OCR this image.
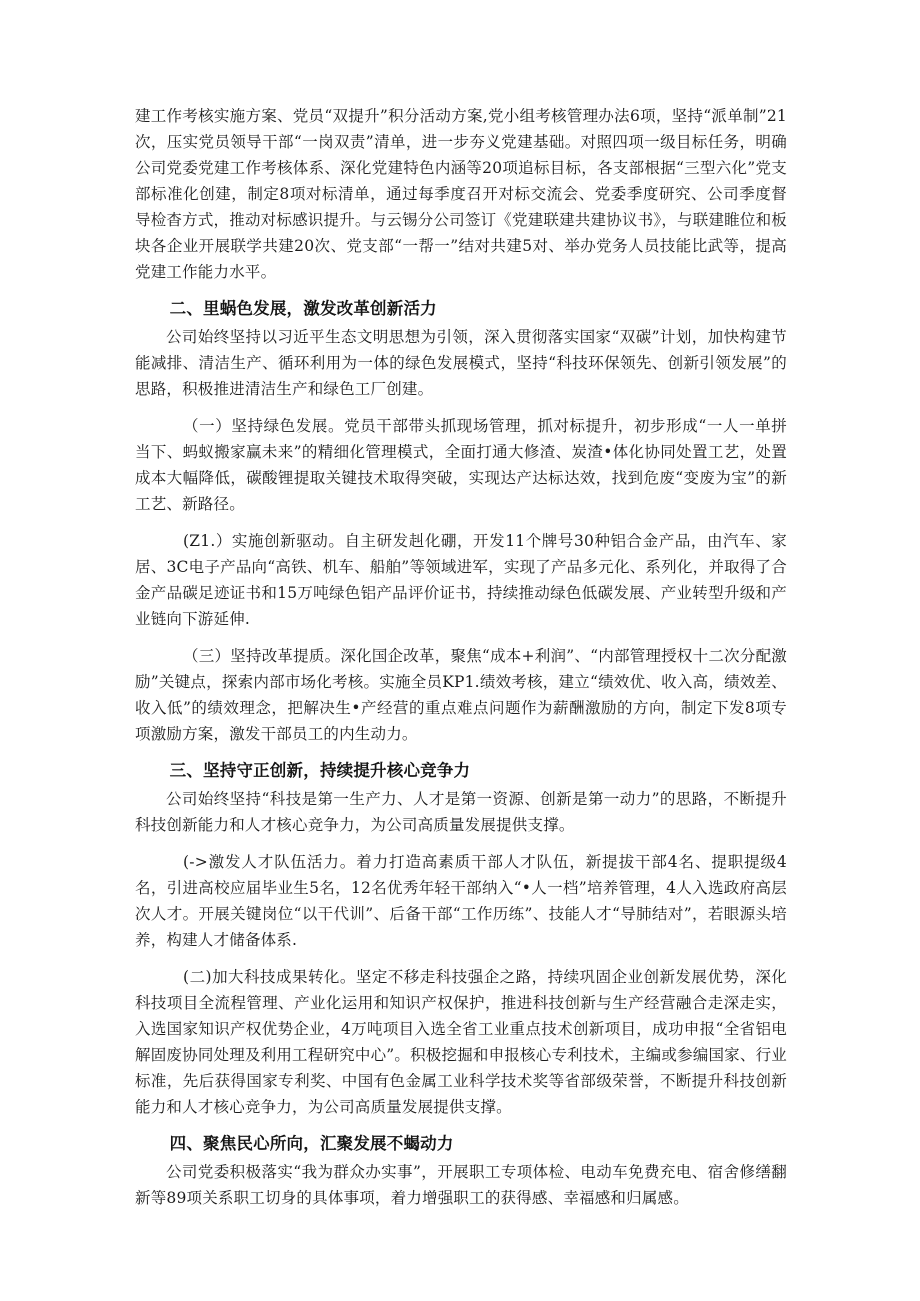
建工作考核实施方案、党员“双提升”积分活动方案,党小组考核管理办法6项，坚持“派单制”21次，压实党员领导干部“一岗双责”清单，进一步夯义党建基础。对照四项一级目标任务，明确公司党委党建工作考核体系、深化党建特色内涵等20项追标目标，各支部根据“三型六化”党支部标准化创建，制定8项对标清单，通过每季度召开对标交流会、党委季度研究、公司季度督导检杳方式，推动对标感识提升。与云锡分公司签订《党建联建共建协议书》，与联建睢位和板块各企业开展联学共建20次、党支部“一帮一”结对共建5对、举办党务人员技能比武等，提高党建工作能力水平。

二、里蜗色发展，激发改革创新活力

公司始终坚持以习近平生态文明思想为引领，深入贯彻落实国家“双碳”计划，加快构建节能减排、清洁生产、循环利用为一体的绿色发展模式，坚持“科技环保领先、创新引领发展”的思路，积极推进清洁生产和绿色工厂创建。

（一）坚持绿色发展。党员干部带头抓现场管理，抓对标提升，初步形成“一人一单拼当下、蚂蚁搬家赢未来”的精细化管理模式，全面打通大修渣、炭渣•体化协同处置工艺，处置成本大幅降低，碳酸锂提取关键技术取得突破，实现达产达标达效，找到危废“变废为宝”的新工艺、新路径。

(Z1.）实施创新驱动。自主研发赳化硼，开发11个牌号30种铝合金产品，由汽车、家居、3C电子产品向“高铁、机车、船舶”等领域进军，实现了产品多元化、系列化，并取得了合金产品碳足迹证书和15万吨绿色铝产品评价证书，持续推动绿色低碳发展、产业转型升级和产业链向下游延伸.

（三）坚持改革提质。深化国企改革，聚焦“成本+利润”、“内部管理授权十二次分配激励”关键点，探索内部市场化考核。实施全员KP1.绩效考核，建立“绩效优、收入高，绩效差、收入低”的绩效理念，把解决生•产经营的重点难点问题作为薪酬激励的方向，制定下发8项专项激励方案，激发干部员工的内生动力。

三、坚持守正创新，持续提升核心竞争力

公司始终坚持“科技是第一生产力、人才是第一资源、创新是第一动力”的思路，不断提升科技创新能力和人才核心竞争力，为公司高质量发展提供支撑。

(->激发人才队伍活力。着力打造高素质干部人才队伍，新提拔干部4名、提职提级4名，引进高校应届毕业生5名，12名优秀年轻干部纳入“•人一档”培养管理，4人入选政府高层次人才。开展关键岗位“以干代训”、后备干部“工作历练”、技能人才“导肺结对”，若眼源头培养，构建人才储备体系.

(二)加大科技成果转化。坚定不移走科技强企之路，持续巩固企业创新发展优势，深化科技项目全流程管理、产业化运用和知识产权保护，推进科技创新与生产经营融合走深走实，入选国家知识产权优势企业，4万吨项目入选全省工业重点技术创新项目，成功申报“全省铝电解固废协同处理及利用工程研究中心”。积极挖掘和申报核心专利技术，主编或参编国家、行业标准，先后获得国家专利奖、中国有色金属工业科学技术奖等省部级荣誉，不断提升科技创新能力和人才核心竞争力，为公司高质量发展提供支撑。

四、聚焦民心所向，汇聚发展不蝎动力

公司党委积极落实“我为群众办实事”，开展职工专项体检、电动车免费充电、宿舍修缮翻新等89项关系职工切身的具体事项，着力增强职工的获得感、幸福感和归属感。
